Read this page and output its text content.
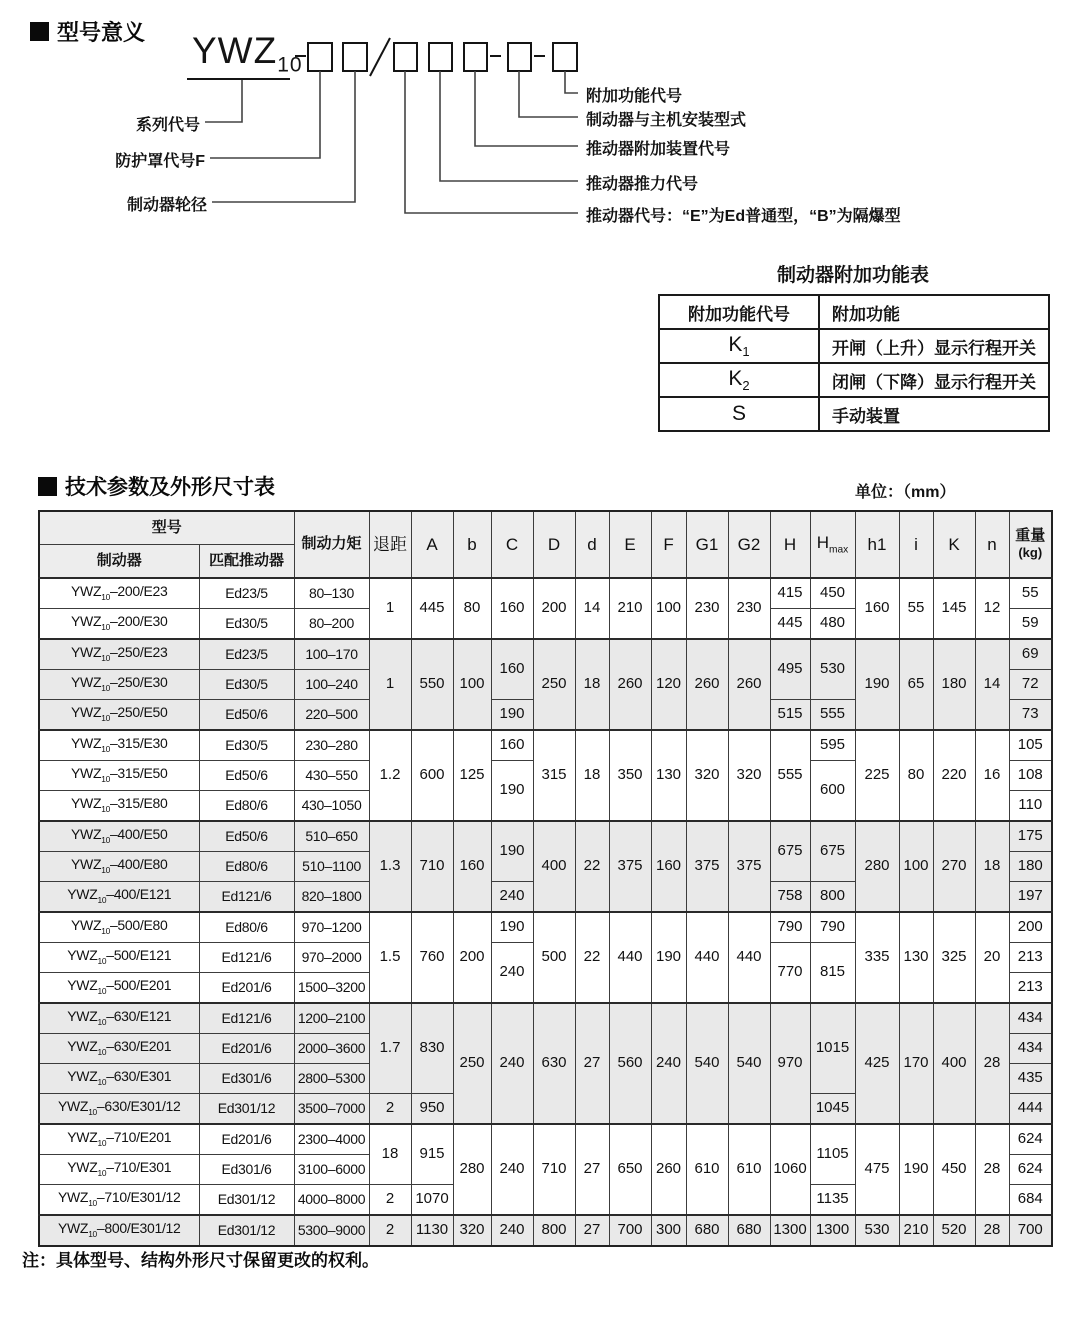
型号意义 $YWZ_{10}$
系列代号
防护罩代号F
制动器轮径
附加功能代号
制动器与主机安装型式
推动器附加装置代号
推动器推力代号
推动器代号：“E”为Ed普通型，“B”为隔爆型
制动器附加功能表
附加功能代号	附加功能
$K_1$	开闸（上升）显示行程开关
$K_2$	闭闸（下降）显示行程开关
S	手动装置
技术参数及外形尺寸表	单位：（mm）
型号		制动力矩	退距	A	b	C	D	d	E	F	G1	G2	H	$H_{max}$	h1	i	K	n	重量
(kg)
制动器	匹配推动器																		
$YWZ_{10}-200/E23$	Ed23/5	80–130	1	445	80	160	200	14	210	100	230	230	415	450	160	55	145	12	55
$YWZ_{10}-200/E30$	Ed30/5	80–200											445	480					59
$YWZ_{10}-250/E23$	Ed23/5	100–170	1	550	100	160	250	18	260	120	260	260	495	530	190	65	180	14	69
$YWZ_{10}-250/E30$	Ed30/5	100–240																	72
$YWZ_{10}-250/E50$	Ed50/6	220–500				190							515	555					73
$YWZ_{10}-315/E30$	Ed30/5	230–280	1.2	600	125	160	315	18	350	130	320	320	555	595	225	80	220	16	105
$YWZ_{10}-315/E50$	Ed50/6	430–550				190								600					108
$YWZ_{10}-315/E80$	Ed80/6	430–1050																	110
$YWZ_{10}-400/E50$	Ed50/6	510–650	1.3	710	160	190	400	22	375	160	375	375	675	675	280	100	270	18	175
$YWZ_{10}-400/E80$	Ed80/6	510–1100																	180
$YWZ_{10}-400/E121$	Ed121/6	820–1800				240							758	800					197
$YWZ_{10}-500/E80$	Ed80/6	970–1200	1.5	760	200	190	500	22	440	190	440	440	790	790	335	130	325	20	200
$YWZ_{10}-500/E121$	Ed121/6	970–2000				240							770	815					213
$YWZ_{10}-500/E201$	Ed201/6	1500–3200																	213
$YWZ_{10}-630/E121$	Ed121/6	1200–2100	1.7	830	250	240	630	27	560	240	540	540	970	1015	425	170	400	28	434
$YWZ_{10}-630/E201$	Ed201/6	2000–3600																	434
$YWZ_{10}-630/E301$	Ed301/6	2800–5300																	435
$YWZ_{10}-630/E301/12$	Ed301/12	3500–7000	2	950										1045					444
$YWZ_{10}-710/E201$	Ed201/6	2300–4000	18	915	280	240	710	27	650	260	610	610	1060	1105	475	190	450	28	624
$YWZ_{10}-710/E301$	Ed301/6	3100–6000																	624
$YWZ_{10}-710/E301/12$	Ed301/12	4000–8000	2	1070										1135					684
$YWZ_{10}-800/E301/12$	Ed301/12	5300–9000	2	1130	320	240	800	27	700	300	680	680	1300	1300	530	210	520	28	700
注：具体型号、结构外形尺寸保留更改的权利。
